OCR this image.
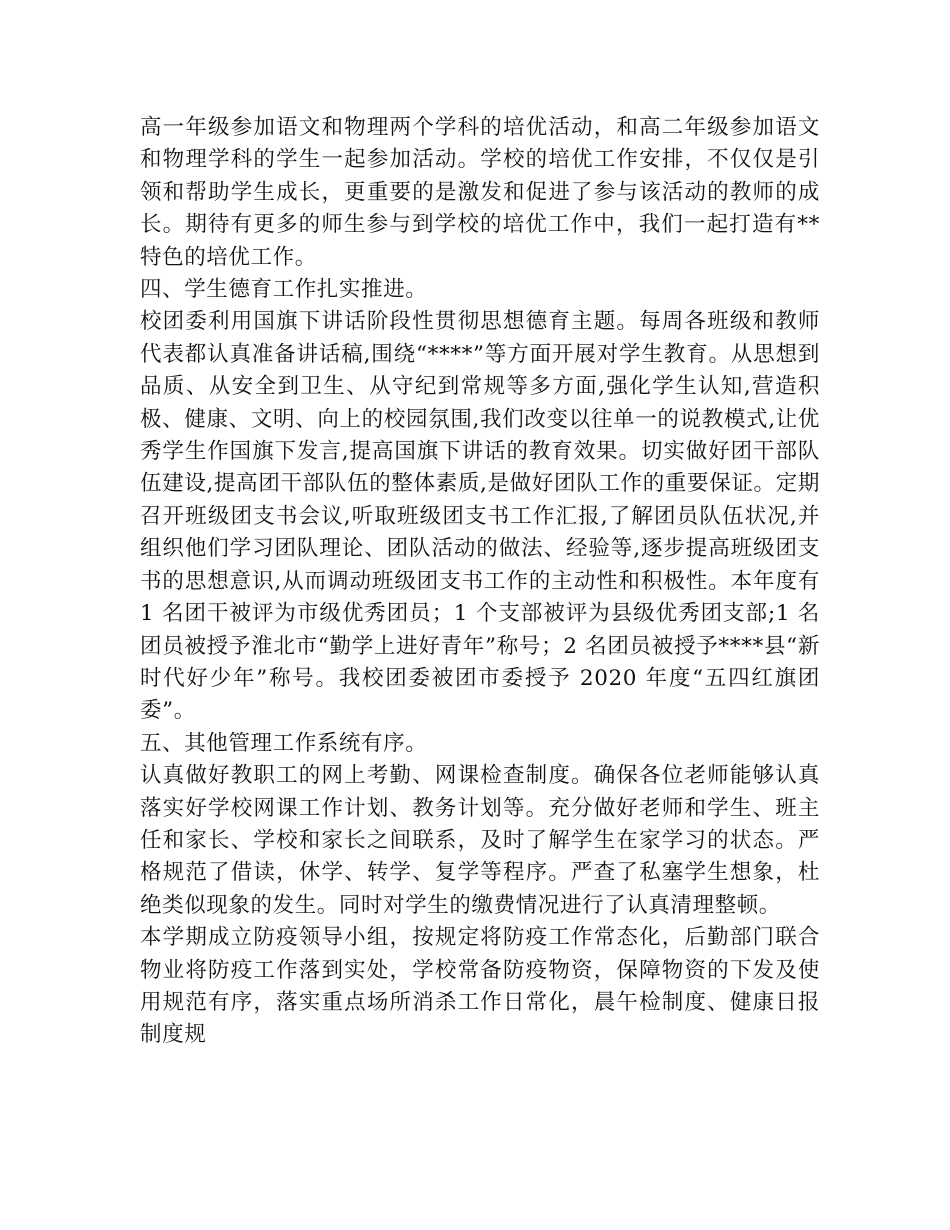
高一年级参加语文和物理两个学科的培优活动，和高二年级参加语文和物理学科的学生一起参加活动。学校的培优工作安排，不仅仅是引领和帮助学生成长，更重要的是激发和促进了参与该活动的教师的成长。期待有更多的师生参与到学校的培优工作中，我们一起打造有**特色的培优工作。

四、学生德育工作扎实推进。

校团委利用国旗下讲话阶段性贯彻思想德育主题。每周各班级和教师代表都认真准备讲话稿,围绕“****”等方面开展对学生教育。从思想到品质、从安全到卫生、从守纪到常规等多方面,强化学生认知,营造积极、健康、文明、向上的校园氛围,我们改变以往单一的说教模式,让优秀学生作国旗下发言,提高国旗下讲话的教育效果。切实做好团干部队伍建设,提高团干部队伍的整体素质,是做好团队工作的重要保证。定期召开班级团支书会议,听取班级团支书工作汇报,了解团员队伍状况,并组织他们学习团队理论、团队活动的做法、经验等,逐步提高班级团支书的思想意识,从而调动班级团支书工作的主动性和积极性。本年度有 1 名团干被评为市级优秀团员；1 个支部被评为县级优秀团支部;1 名团员被授予淮北市“勤学上进好青年”称号；2 名团员被授予****县“新时代好少年”称号。我校团委被团市委授予 2020 年度“五四红旗团委”。

五、其他管理工作系统有序。

认真做好教职工的网上考勤、网课检查制度。确保各位老师能够认真落实好学校网课工作计划、教务计划等。充分做好老师和学生、班主任和家长、学校和家长之间联系，及时了解学生在家学习的状态。严格规范了借读，休学、转学、复学等程序。严查了私塞学生想象，杜绝类似现象的发生。同时对学生的缴费情况进行了认真清理整顿。

本学期成立防疫领导小组，按规定将防疫工作常态化，后勤部门联合物业将防疫工作落到实处，学校常备防疫物资，保障物资的下发及使用规范有序，落实重点场所消杀工作日常化，晨午检制度、健康日报制度规
